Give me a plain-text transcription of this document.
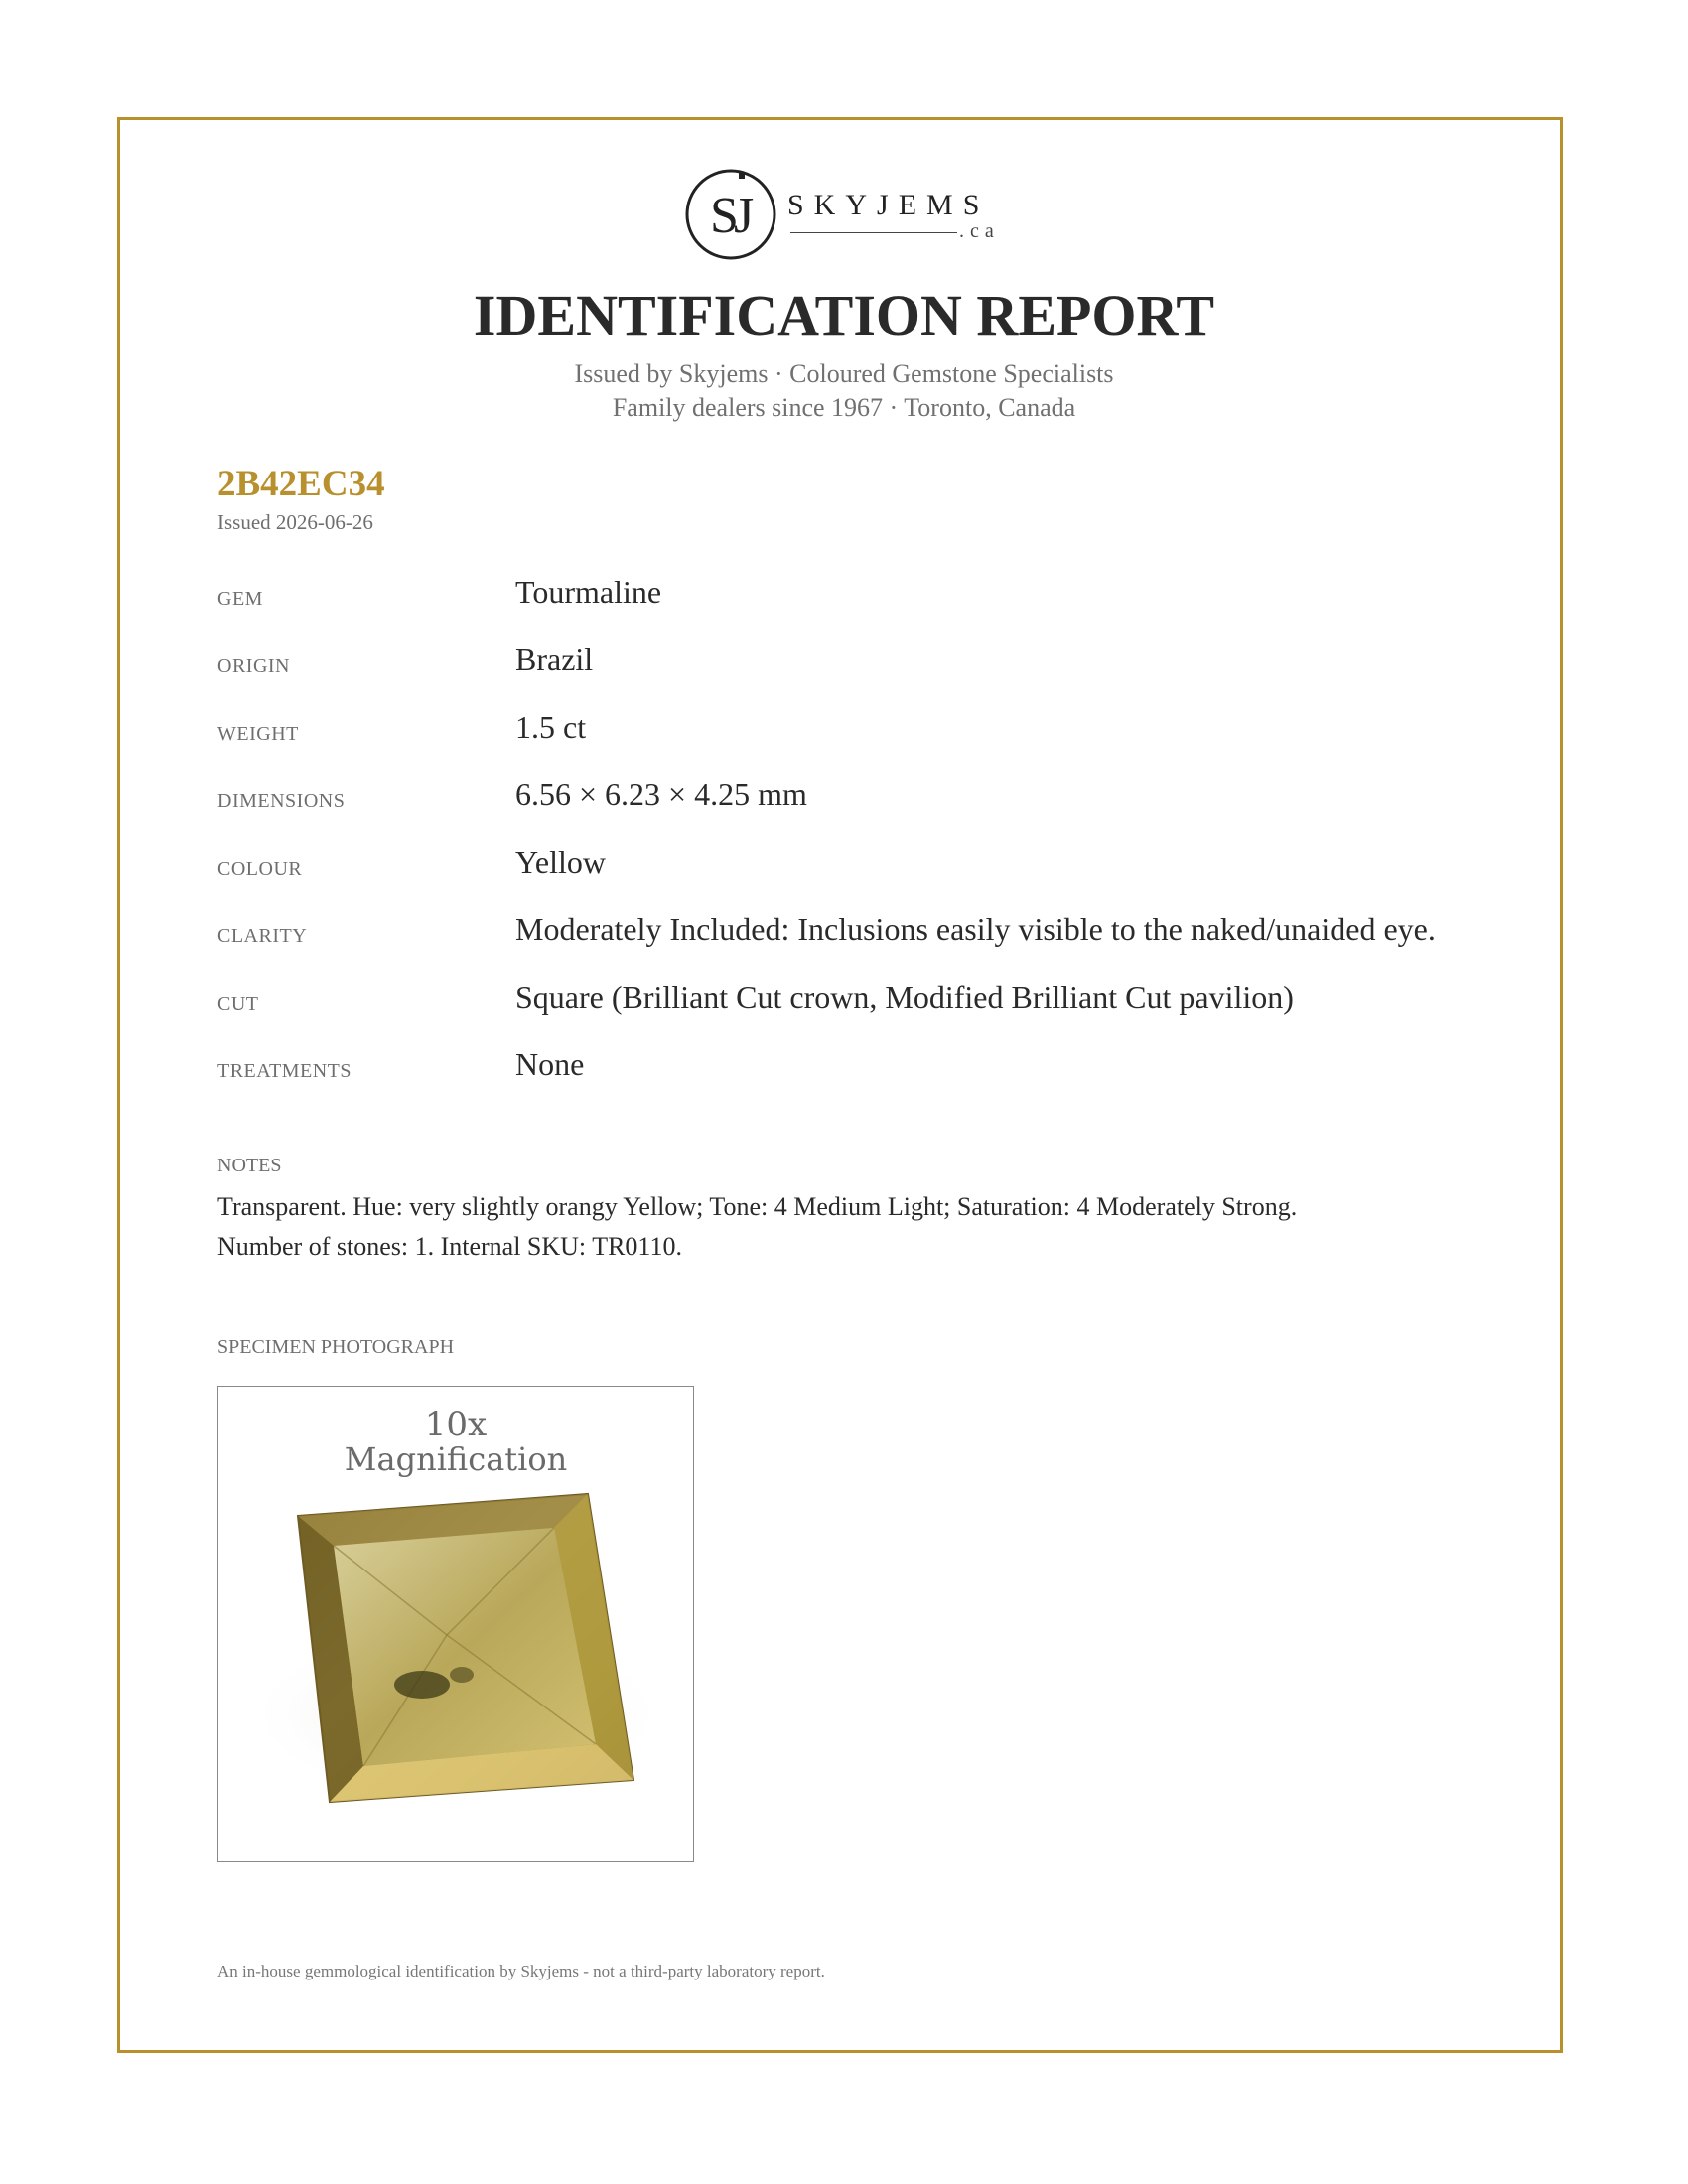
S
J SKYJEMS
.ca
IDENTIFICATION REPORT
Issued by Skyjems · Coloured Gemstone Specialists
Family dealers since 1967 · Toronto, Canada
2B42EC34
Issued 2026-06-26
GEM	Tourmaline
ORIGIN	Brazil
WEIGHT	1.5 ct
DIMENSIONS	6.56 × 6.23 × 4.25 mm
COLOUR	Yellow
CLARITY	Moderately Included: Inclusions easily visible to the naked/unaided eye.
CUT	Square (Brilliant Cut crown, Modified Brilliant Cut pavilion)
TREATMENTS	None
NOTES
Transparent. Hue: very slightly orangy Yellow; Tone: 4 Medium Light; Saturation: 4 Moderately Strong.
Number of stones: 1. Internal SKU: TR0110.
SPECIMEN PHOTOGRAPH
10x
Magnification
An in-house gemmological identification by Skyjems - not a third-party laboratory report.
